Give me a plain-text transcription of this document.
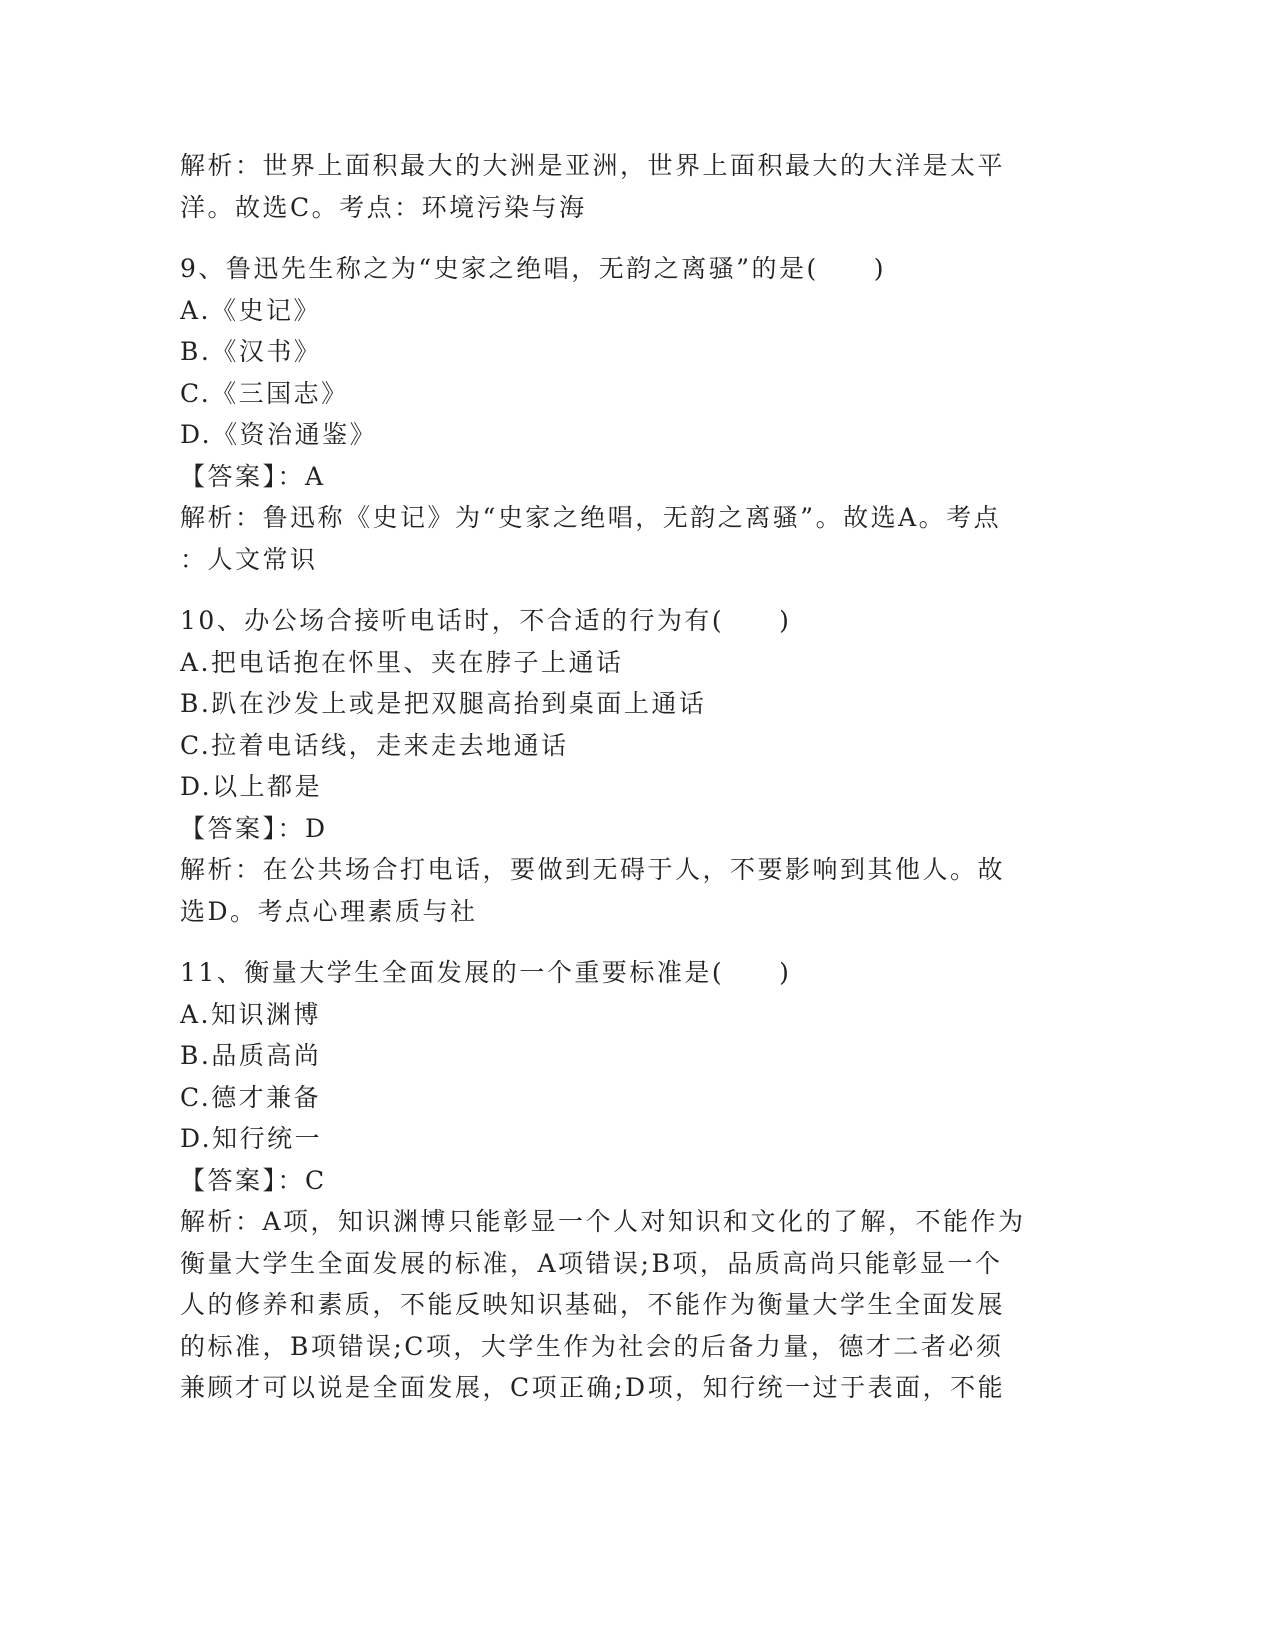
解析：世界上面积最大的大洲是亚洲，世界上面积最大的大洋是太平
洋。故选C。考点：环境污染与海
9、鲁迅先生称之为“史家之绝唱，无韵之离骚”的是(　　)
A.《史记》
B.《汉书》
C.《三国志》
D.《资治通鉴》
【答案】：A
解析：鲁迅称《史记》为“史家之绝唱，无韵之离骚”。故选A。考点
：人文常识
10、办公场合接听电话时，不合适的行为有(　　)
A.把电话抱在怀里、夹在脖子上通话
B.趴在沙发上或是把双腿高抬到桌面上通话
C.拉着电话线，走来走去地通话
D.以上都是
【答案】：D
解析：在公共场合打电话，要做到无碍于人，不要影响到其他人。故
选D。考点心理素质与社
11、衡量大学生全面发展的一个重要标准是(　　)
A.知识渊博
B.品质高尚
C.德才兼备
D.知行统一
【答案】：C
解析：A项，知识渊博只能彰显一个人对知识和文化的了解，不能作为
衡量大学生全面发展的标准，A项错误;B项，品质高尚只能彰显一个
人的修养和素质，不能反映知识基础，不能作为衡量大学生全面发展
的标准，B项错误;C项，大学生作为社会的后备力量，德才二者必须
兼顾才可以说是全面发展，C项正确;D项，知行统一过于表面，不能
